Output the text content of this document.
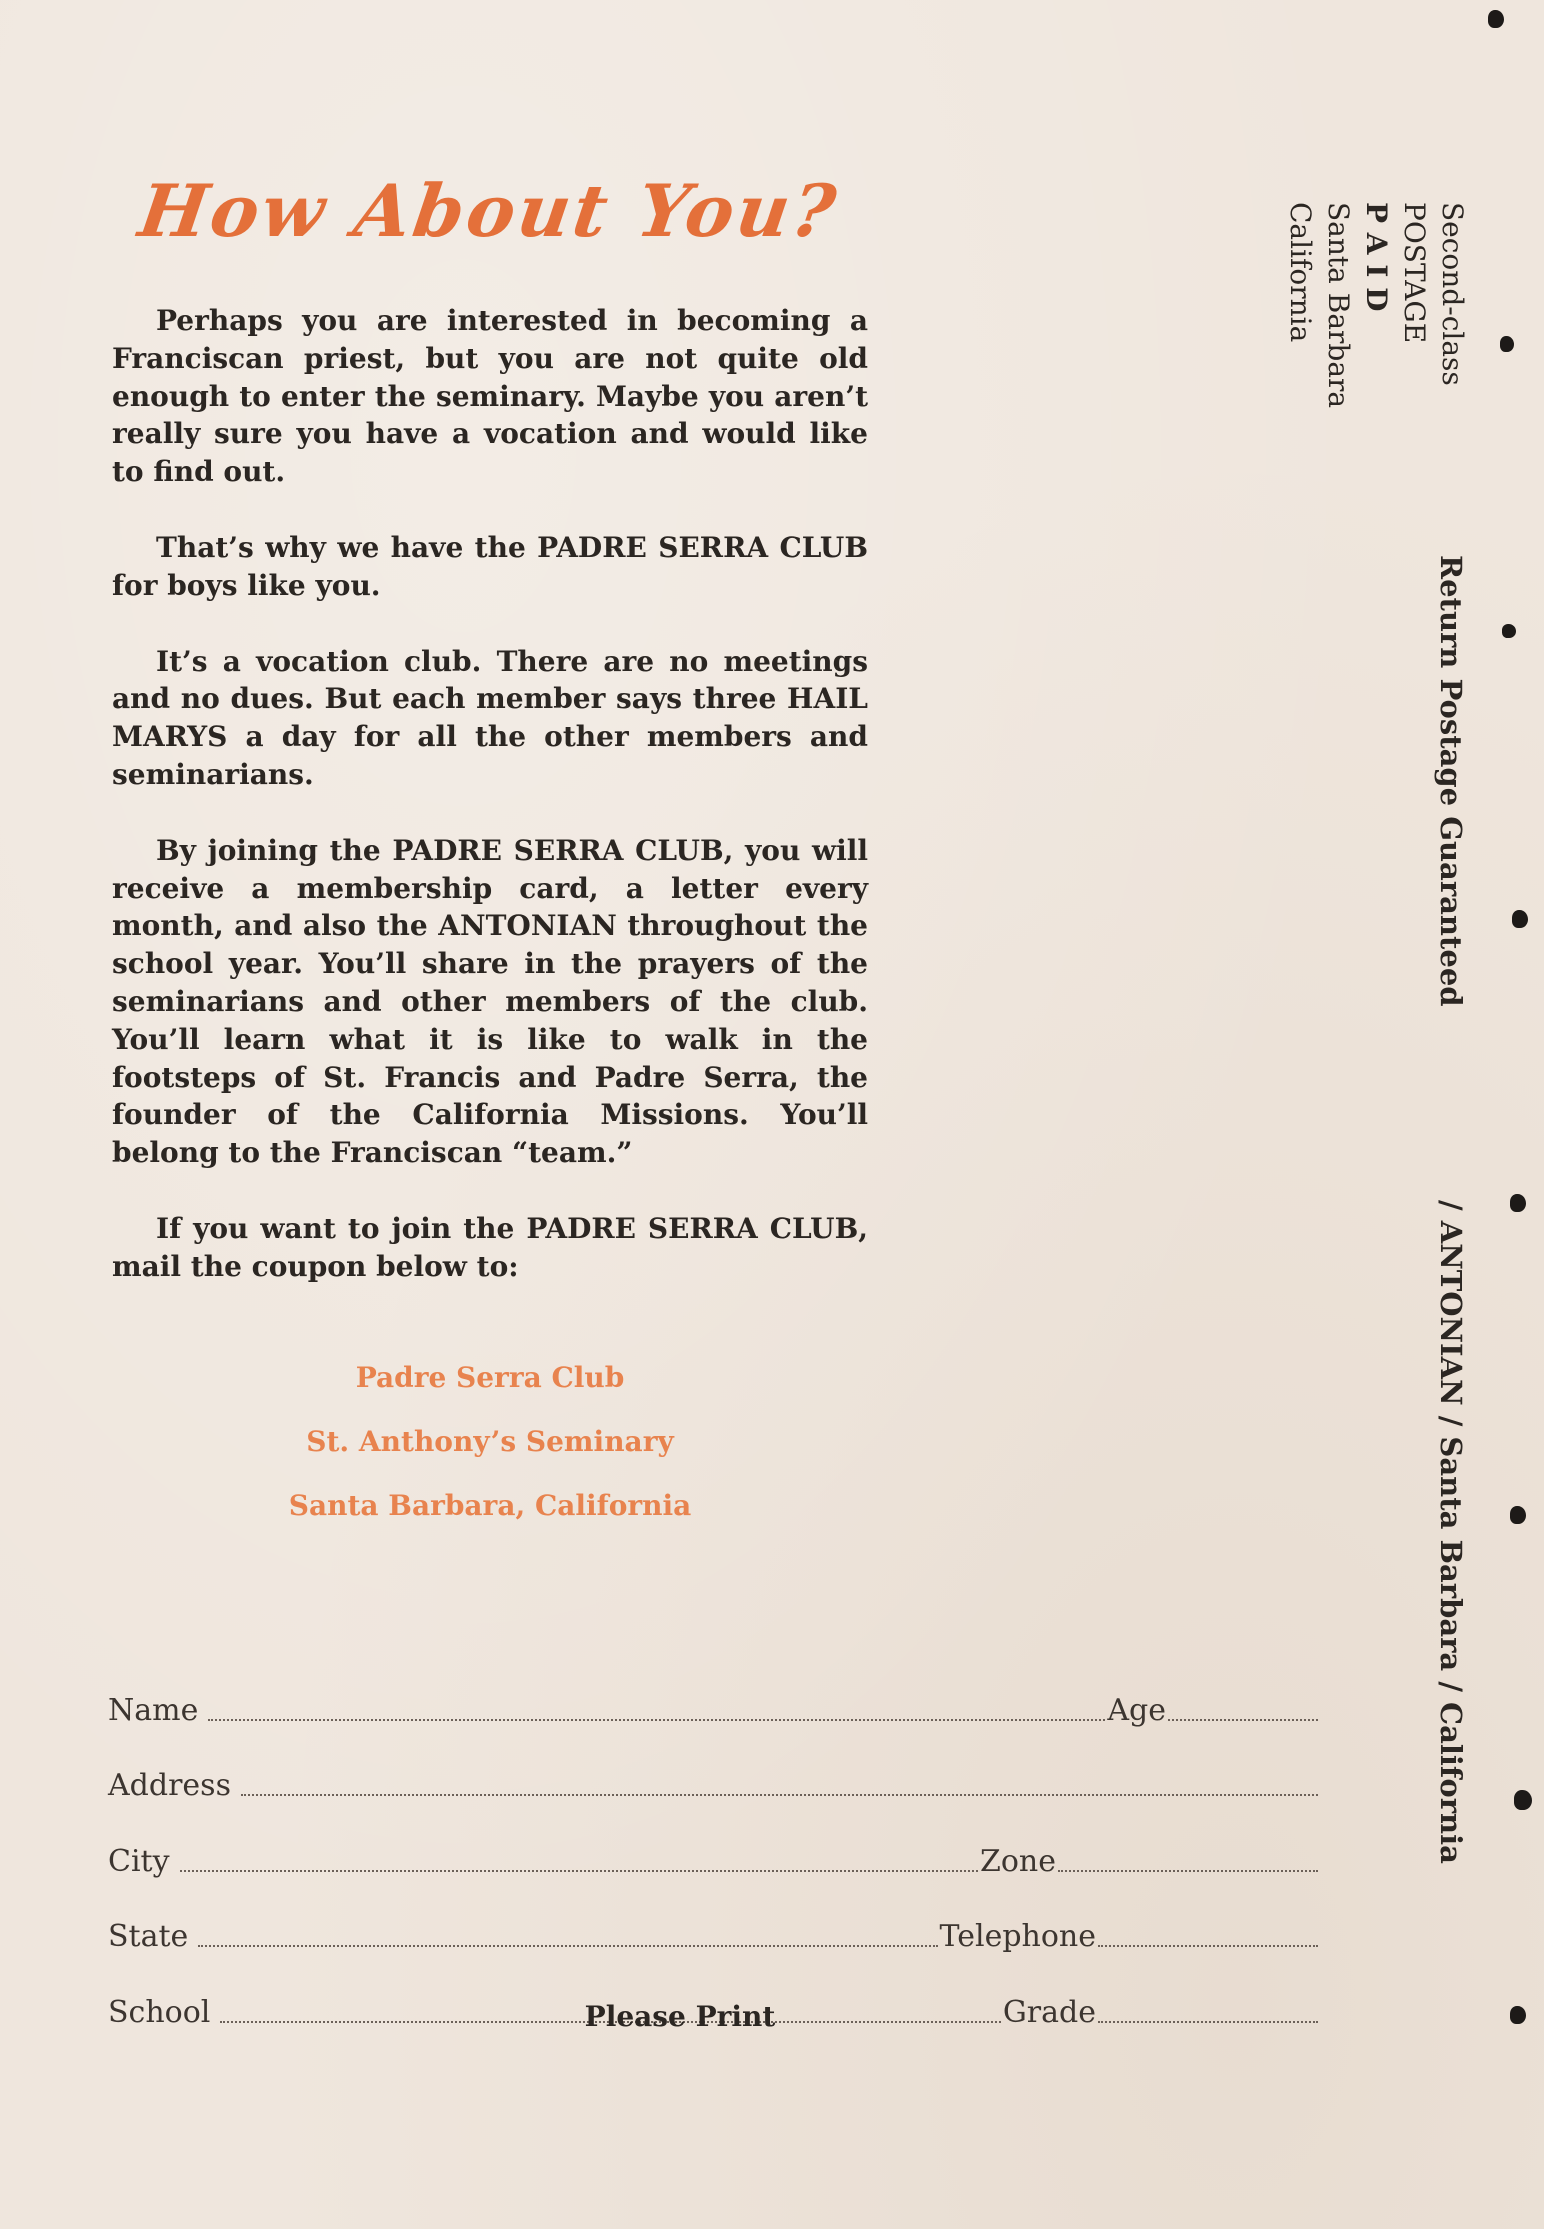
How About You?

Perhaps you are interested in becoming a Franciscan priest, but you are not quite old enough to enter the seminary. Maybe you aren’t really sure you have a vocation and would like to find out.

That’s why we have the PADRE SERRA CLUB for boys like you.

It’s a vocation club. There are no meetings and no dues. But each member says three HAIL MARYS a day for all the other members and seminarians.

By joining the PADRE SERRA CLUB, you will receive a membership card, a letter every month, and also the ANTONIAN throughout the school year. You’ll share in the prayers of the seminarians and other members of the club. You’ll learn what it is like to walk in the footsteps of St. Francis and Padre Serra, the founder of the California Missions. You’ll belong to the Franciscan “team.”

If you want to join the PADRE SERRA CLUB, mail the coupon below to:

Padre Serra Club
St. Anthony’s Seminary
Santa Barbara, California
Name	Age
Address
City	Zone
State	Telephone
School	Grade
Please Print
Second-class
POSTAGE
P A I D
Santa Barbara
California
Return Postage Guaranteed
/ ANTONIAN / Santa Barbara / California
